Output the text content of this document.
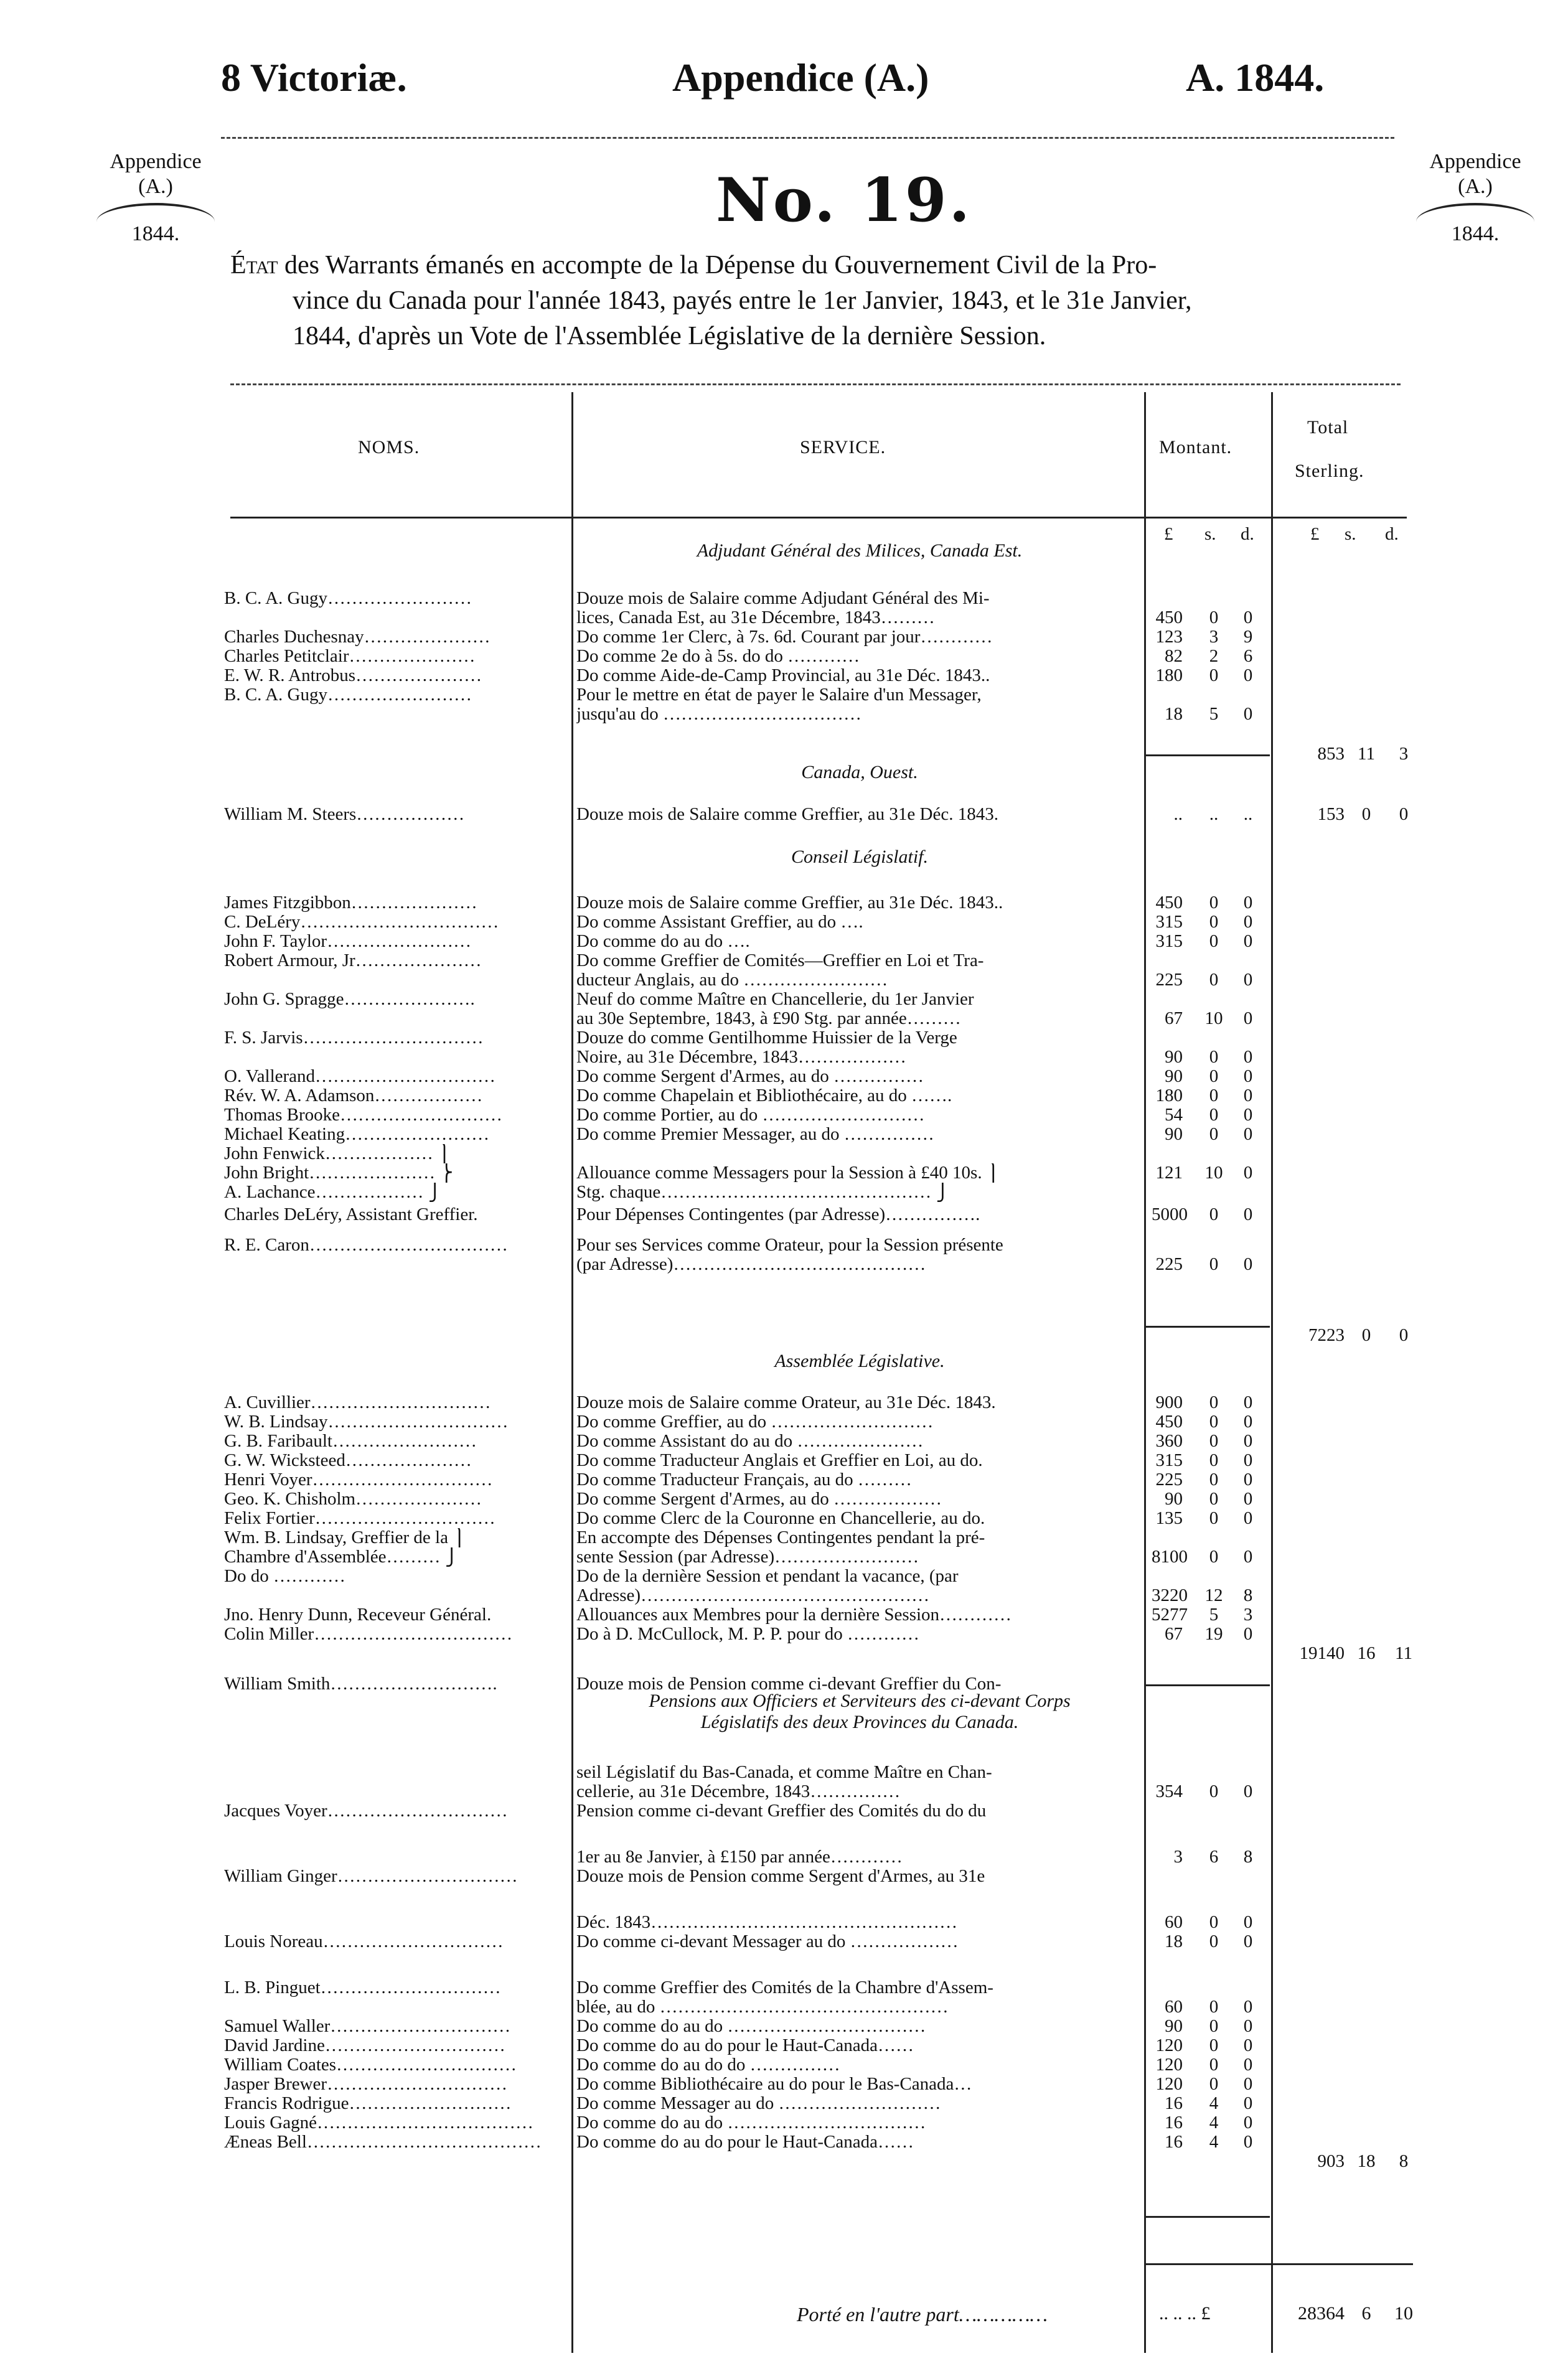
8 Victoriæ.	Appendice (A.)	A. 1844.
Appendice
(A.)
1844.
Appendice
(A.)
1844.
No. 19.
État des Warrants émanés en accompte de la Dépense du Gouvernement Civil de la Pro-
vince du Canada pour l'année 1843, payés entre le 1er Janvier, 1843, et le 31e Janvier,
1844, d'après un Vote de l'Assemblée Législative de la dernière Session.
NOMS.	SERVICE.	Montant.
Total
Sterling.
£ s. d.	£ s. d.
Adjudant Général des Milices, Canada Est.
Canada, Ouest.
Conseil Législatif.
Assemblée Législative.
Pensions aux Officiers et Serviteurs des ci-devant Corps
Législatifs des deux Provinces du Canada.
B. C. A. Gugy……………………	Douze mois de Salaire comme Adjudant Général des Mi-
lices, Canada Est, au 31e Décembre, 1843………	450	0	0
Charles Duchesnay…………………	Do comme 1er Clerc, à 7s. 6d. Courant par jour…………	123	3	9
Charles Petitclair…………………	Do comme 2e do à 5s. do do …………	82	2	6
E. W. R. Antrobus…………………	Do comme Aide-de-Camp Provincial, au 31e Déc. 1843..	180	0	0
B. C. A. Gugy……………………	Pour le mettre en état de payer le Salaire d'un Messager,
jusqu'au do ……………………………	18	5	0
853 11	3
William M. Steers………………	Douze mois de Salaire comme Greffier, au 31e Déc. 1843.	..	..	..	153 0	0
James Fitzgibbon…………………	Douze mois de Salaire comme Greffier, au 31e Déc. 1843..	450	0	0
C. DeLéry……………………………	Do comme Assistant Greffier, au do ….	315	0	0
John F. Taylor……………………	Do comme do au do ….	315	0	0
Robert Armour, Jr…………………	Do comme Greffier de Comités—Greffier en Loi et Tra-
ducteur Anglais, au do ……………………	225	0	0
John G. Spragge………………….	Neuf do comme Maître en Chancellerie, du 1er Janvier
au 30e Septembre, 1843, à £90 Stg. par année………	67 10	0
F. S. Jarvis…………………………	Douze do comme Gentilhomme Huissier de la Verge
Noire, au 31e Décembre, 1843………………	90	0	0
O. Vallerand…………………………	Do comme Sergent d'Armes, au do ……………	90	0	0
Rév. W. A. Adamson………………	Do comme Chapelain et Bibliothécaire, au do …….	180	0	0
Thomas Brooke………………………	Do comme Portier, au do ………………………	54	0	0
Michael Keating……………………	Do comme Premier Messager, au do ……………	90	0	0
John Fenwick……………… ⎫
John Bright………………… ⎬	Allouance comme Messagers pour la Session à £40 10s. ⎫	121 10	0
A. Lachance……………… ⎭	Stg. chaque……………………………………… ⎭
Charles DeLéry, Assistant Greffier.	Pour Dépenses Contingentes (par Adresse)…………….	5000	0	0
R. E. Caron……………………………	Pour ses Services comme Orateur, pour la Session présente
(par Adresse)……………………………………	225	0	0
7223 0	0
A. Cuvillier…………………………	Douze mois de Salaire comme Orateur, au 31e Déc. 1843.	900	0	0
W. B. Lindsay…………………………	Do comme Greffier, au do ………………………	450	0	0
G. B. Faribault……………………	Do comme Assistant do au do …………………	360	0	0
G. W. Wicksteed…………………	Do comme Traducteur Anglais et Greffier en Loi, au do.	315	0	0
Henri Voyer…………………………	Do comme Traducteur Français, au do ………	225	0	0
Geo. K. Chisholm…………………	Do comme Sergent d'Armes, au do ………………	90	0	0
Felix Fortier…………………………	Do comme Clerc de la Couronne en Chancellerie, au do.	135	0	0
Wm. B. Lindsay, Greffier de la ⎫	En accompte des Dépenses Contingentes pendant la pré-
Chambre d'Assemblée……… ⎭	sente Session (par Adresse)……………………	8100	0	0
Do do …………	Do de la dernière Session et pendant la vacance, (par
Adresse)…………………………………………	3220 12	8
Jno. Henry Dunn, Receveur Général.	Allouances aux Membres pour la dernière Session…………	5277	5	3
Colin Miller……………………………	Do à D. McCullock, M. P. P. pour do …………	67 19	0
19140 16	11
William Smith……………………….	Douze mois de Pension comme ci-devant Greffier du Con-
seil Législatif du Bas-Canada, et comme Maître en Chan-
cellerie, au 31e Décembre, 1843……………	354	0	0
Jacques Voyer…………………………	Pension comme ci-devant Greffier des Comités du do du
1er au 8e Janvier, à £150 par année…………	3	6	8
William Ginger…………………………	Douze mois de Pension comme Sergent d'Armes, au 31e
Déc. 1843……………………………………………	60	0	0
Louis Noreau…………………………	Do comme ci-devant Messager au do ………………	18	0	0
L. B. Pinguet…………………………	Do comme Greffier des Comités de la Chambre d'Assem-
blée, au do …………………………………………	60	0	0
Samuel Waller…………………………	Do comme do au do ……………………………	90	0	0
David Jardine…………………………	Do comme do au do pour le Haut-Canada……	120	0	0
William Coates…………………………	Do comme do au do do ……………	120	0	0
Jasper Brewer…………………………	Do comme Bibliothécaire au do pour le Bas-Canada…	120	0	0
Francis Rodrigue………………………	Do comme Messager au do ………………………	16	4	0
Louis Gagné………………………………	Do comme do au do ……………………………	16	4	0
Æneas Bell…………………………………	Do comme do au do pour le Haut-Canada……	16	4	0
903 18	8
Porté en l'autre part……………	.. .. .. £	28364 6	10
